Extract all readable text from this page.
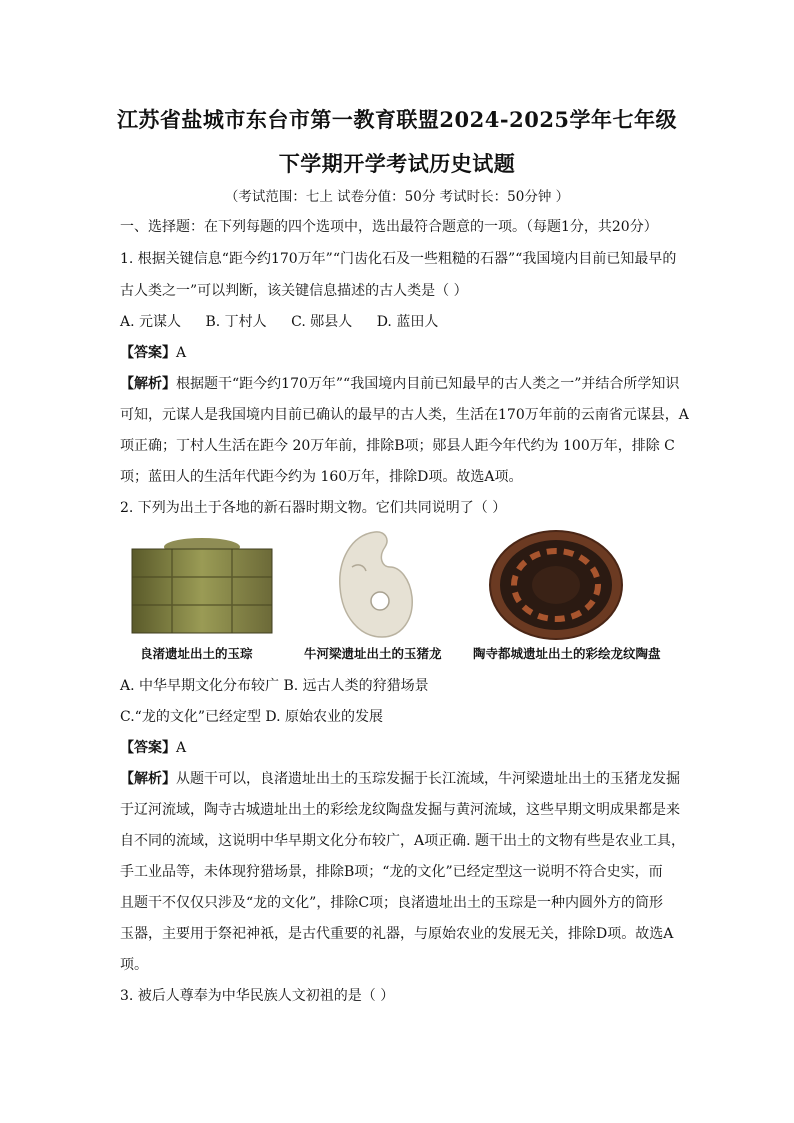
江苏省盐城市东台市第一教育联盟2024-2025学年七年级
下学期开学考试历史试题
（考试范围：七上 试卷分值：50分 考试时长：50分钟 ）
一、选择题：在下列每题的四个选项中，选出最符合题意的一项。（每题1分，共20分）
1. 根据关键信息“距今约170万年”“门齿化石及一些粗糙的石器”“我国境内目前已知最早的
古人类之一”可以判断，该关键信息描述的古人类是（ ）
A. 元谋人 B. 丁村人 C. 郧县人 D. 蓝田人
【答案】A
【解析】根据题干“距今约170万年”“我国境内目前已知最早的古人类之一”并结合所学知识
可知，元谋人是我国境内目前已确认的最早的古人类，生活在170万年前的云南省元谋县，A
项正确；丁村人生活在距今 20万年前，排除B项；郧县人距今年代约为 100万年，排除 C
项；蓝田人的生活年代距今约为 160万年，排除D项。故选A项。
2. 下列为出土于各地的新石器时期文物。它们共同说明了（ ）
良渚遗址出土的玉琮	牛河梁遗址出土的玉猪龙	陶寺都城遗址出土的彩绘龙纹陶盘
A. 中华早期文化分布较广 B. 远古人类的狩猎场景
C.“龙的文化”已经定型 D. 原始农业的发展
【答案】A
【解析】从题干可以，良渚遗址出土的玉琮发掘于长江流域，牛河梁遗址出土的玉猪龙发掘
于辽河流域，陶寺古城遗址出土的彩绘龙纹陶盘发掘与黄河流域，这些早期文明成果都是来
自不同的流域，这说明中华早期文化分布较广，A项正确. 题干出土的文物有些是农业工具，
手工业品等，未体现狩猎场景，排除B项；“龙的文化”已经定型这一说明不符合史实，而
且题干不仅仅只涉及“龙的文化”，排除C项；良渚遗址出土的玉琮是一种内圆外方的筒形
玉器，主要用于祭祀神祇，是古代重要的礼器，与原始农业的发展无关，排除D项。故选A
项。
3. 被后人尊奉为中华民族人文初祖的是（ ）
